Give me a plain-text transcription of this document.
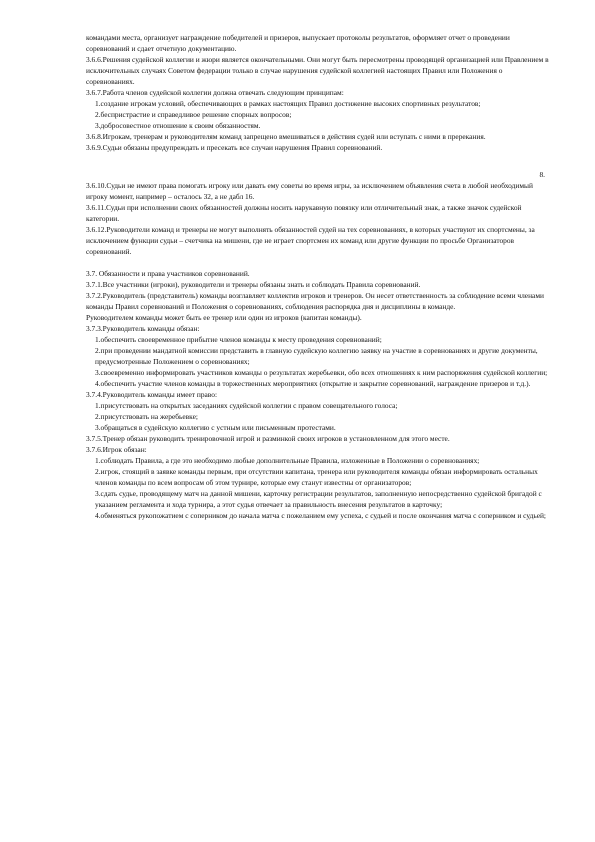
командами места, организует награждение победителей и призеров, выпускает протоколы результатов, оформляет отчет о проведении соревнований и сдает отчетную документацию.

3.6.6.Решения судейской коллегии и жюри является окончательными. Они могут быть пересмотрены проводящей организацией или Правлением в исключительных случаях Советом федерации только в случае нарушения судейской коллегией настоящих Правил или Положения о соревнованиях.

3.6.7.Работа членов судейской коллегии должна отвечать следующим принципам:

1.создание игрокам условий, обеспечивающих в рамках настоящих Правил достижение высоких спортивных результатов;

2.беспристрастие и справедливое решение спорных вопросов;

3.добросовестное отношение к своим обязанностям.

3.6.8.Игрокам, тренерам и руководителям команд запрещено вмешиваться в действия судей или вступать с ними в пререкания.

3.6.9.Судьи обязаны предупреждать и пресекать все случаи нарушения Правил соревнований.

8.

3.6.10.Судьи не имеют права помогать игроку или давать ему советы во время игры, за исключением объявления счета в любой необходимый игроку момент, например – осталось 32, а не дабл 16.

3.6.11.Судьи при исполнении своих обязанностей должны носить нарукавную повязку или отличительный знак, а также значок судейской категории.

3.6.12.Руководители команд и тренеры не могут выполнять обязанностей судей на тех соревнованиях, в которых участвуют их спортсмены, за исключением функции судьи – счетчика на мишени, где не играет спортсмен их команд или другие функции по просьбе Организаторов соревнований.

3.7. Обязанности и права участников соревнований.

3.7.1.Все участники (игроки), руководители и тренеры обязаны знать и соблюдать Правила соревнований.

3.7.2.Руководитель (представитель) команды возглавляет коллектив игроков и тренеров. Он несет ответственность за соблюдение всеми членами команды Правил соревнований и Положения о соревнованиях, соблюдения распорядка дня и дисциплины в команде.

Руководителем команды может быть ее тренер или один из игроков (капитан команды).

3.7.3.Руководитель команды обязан:

1.обеспечить своевременное прибытие членов команды к месту проведения соревнований;

2.при проведении мандатной комиссии представить в главную судейскую коллегию заявку на участие в соревнованиях и другие документы, предусмотренные Положением о соревнованиях;

3.своевременно информировать участников команды о результатах жеребьевки, обо всех отношениях к ним распоряжения судейской коллегии;

4.обеспечить участие членов команды в торжественных мероприятиях (открытие и закрытие соревнований, награждение призеров и т.д.).

3.7.4.Руководитель команды имеет право:

1.присутствовать на открытых заседаниях судейской коллегии с правом совещательного голоса;

2.присутствовать на жеребьевке;

3.обращаться в судейскую коллегию с устным или письменным протестами.

3.7.5.Тренер обязан руководить тренировочной игрой и разминкой своих игроков в установленном для этого месте.

3.7.6.Игрок обязан:

1.соблюдать Правила, а где это необходимо любые дополнительные Правила, изложенные в Положении о соревнованиях;

2.игрок, стоящий в заявке команды первым, при отсутствии капитана, тренера или руководителя команды обязан информировать остальных членов команды по всем вопросам об этом турнире, которые ему станут известны от организаторов;

3.сдать судье, проводящему матч на данной мишени, карточку регистрации результатов, заполненную непосредственно судейской бригадой с указанием регламента и хода турнира, а этот судья отвечает за правильность внесения результатов в карточку;

4.обменяться рукопожатием с соперником до начала матча с пожеланием ему успеха, с судьей и после окончания матча с соперником и судьей;
